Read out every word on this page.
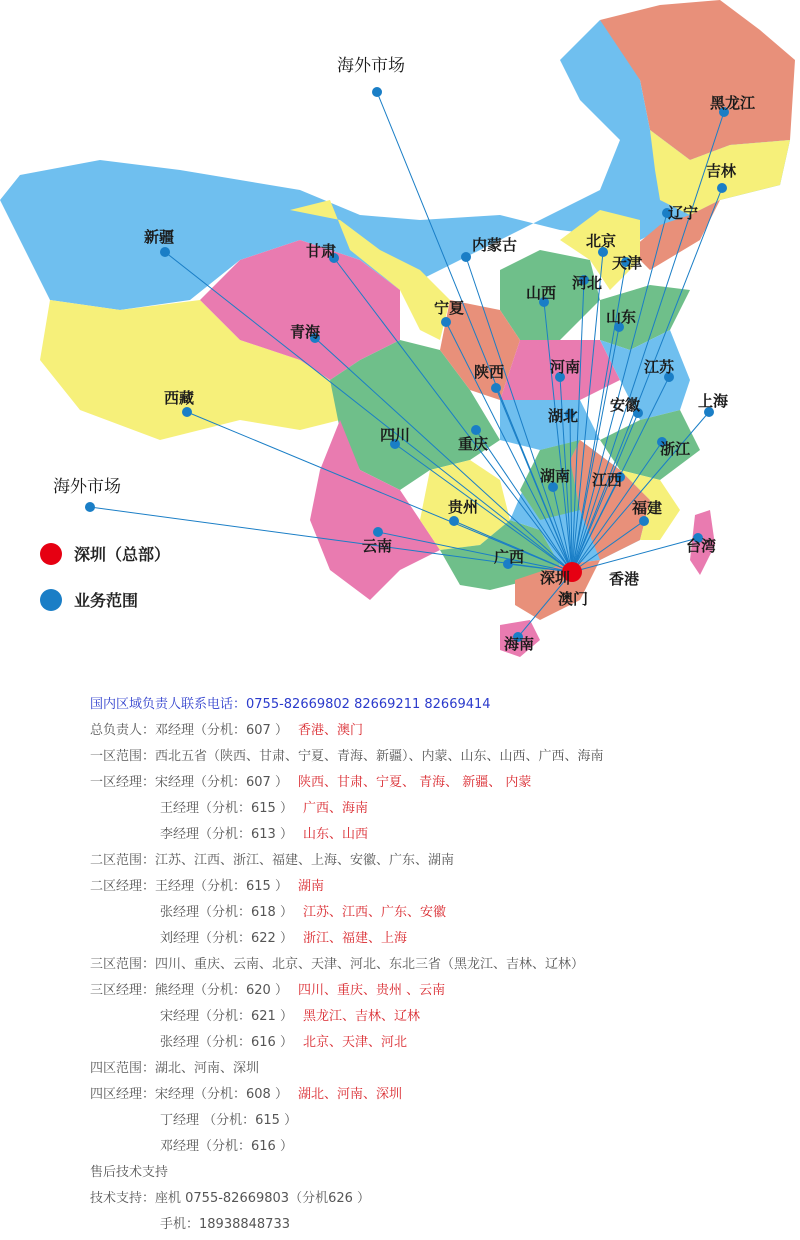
黑龙江
吉林
辽宁
北京
天津
河北
内蒙古
新疆
甘肃
宁夏
山西
山东
青海
陕西	河南	江苏
西藏
四川	重庆
湖北
安徽	上海
浙江
湖南 江西
贵州	福建
云南
广西
台湾
香港
澳门
海南
海外市场
海外市场
深圳
深圳（总部）
业务范围
国内区域负责人联系电话：0755-82669802 82669211 82669414
总负责人：邓经理（分机：607 ） 香港、澳门
一区范围：西北五省（陕西、甘肃、宁夏、青海、新疆）、内蒙、山东、山西、广西、海南
一区经理：宋经理（分机：607 ） 陕西、甘肃、宁夏、 青海、 新疆、 内蒙
王经理（分机：615 ） 广西、海南
李经理（分机：613 ） 山东、山西
二区范围：江苏、江西、浙江、福建、上海、安徽、广东、湖南
二区经理：王经理（分机：615 ） 湖南
张经理（分机：618 ） 江苏、江西、广东、安徽
刘经理（分机：622 ） 浙江、福建、上海
三区范围：四川、重庆、云南、北京、天津、河北、东北三省（黑龙江、吉林、辽林）
三区经理：熊经理（分机：620 ） 四川、重庆、贵州 、云南
宋经理（分机：621 ） 黑龙江、吉林、辽林
张经理（分机：616 ） 北京、天津、河北
四区范围：湖北、河南、深圳
四区经理：宋经理（分机：608 ） 湖北、河南、深圳
丁经理 （分机：615 ）
邓经理（分机：616 ）
售后技术支持
技术支持：座机 0755-82669803（分机626 ）
手机：18938848733
